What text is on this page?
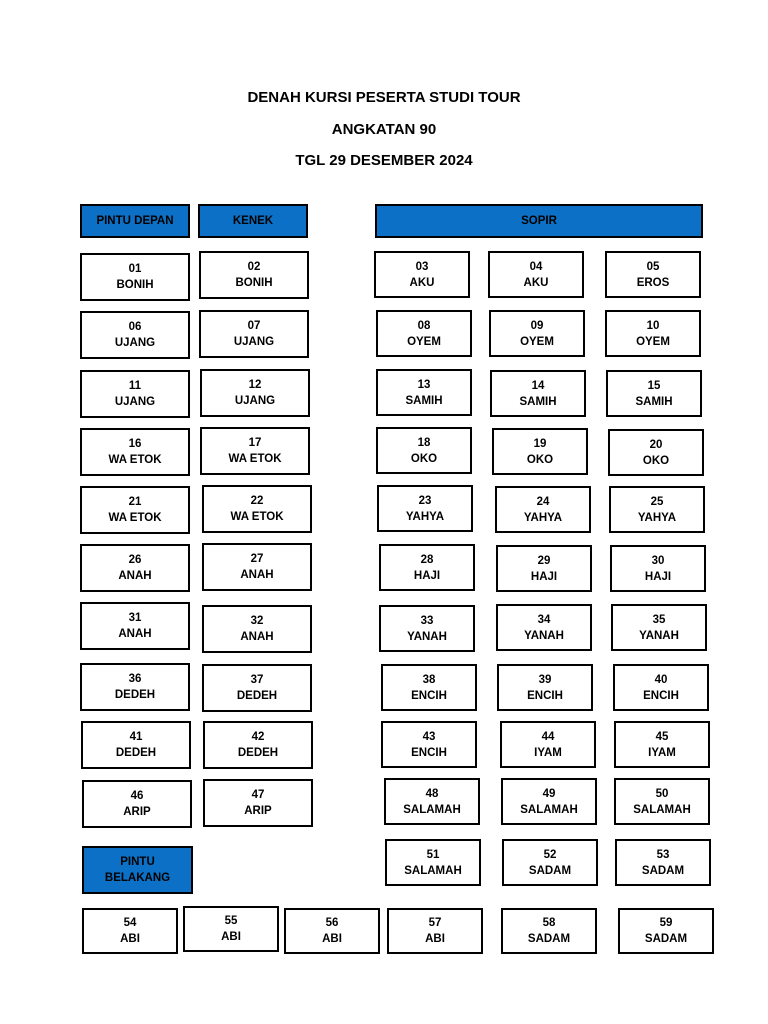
DENAH KURSI PESERTA STUDI TOUR
ANGKATAN 90
TGL 29 DESEMBER 2024
PINTU DEPAN	KENEK	SOPIR
PINTU
BELAKANG
01
BONIH
02
BONIH
03
AKU
04
AKU
05
EROS
06
UJANG
07
UJANG
08
OYEM
09
OYEM
10
OYEM
11
UJANG
12
UJANG
13
SAMIH
14
SAMIH
15
SAMIH
16
WA ETOK
17
WA ETOK
18
OKO
19
OKO
20
OKO
21
WA ETOK
22
WA ETOK
23
YAHYA
24
YAHYA
25
YAHYA
26
ANAH
27
ANAH
28
HAJI
29
HAJI
30
HAJI
31
ANAH
32
ANAH
33
YANAH
34
YANAH
35
YANAH
36
DEDEH
37
DEDEH
38
ENCIH
39
ENCIH
40
ENCIH
41
DEDEH
42
DEDEH
43
ENCIH
44
IYAM
45
IYAM
46
ARIP
47
ARIP
48
SALAMAH
49
SALAMAH
50
SALAMAH
51
SALAMAH
52
SADAM
53
SADAM
54
ABI
55
ABI
56
ABI
57
ABI
58
SADAM
59
SADAM
